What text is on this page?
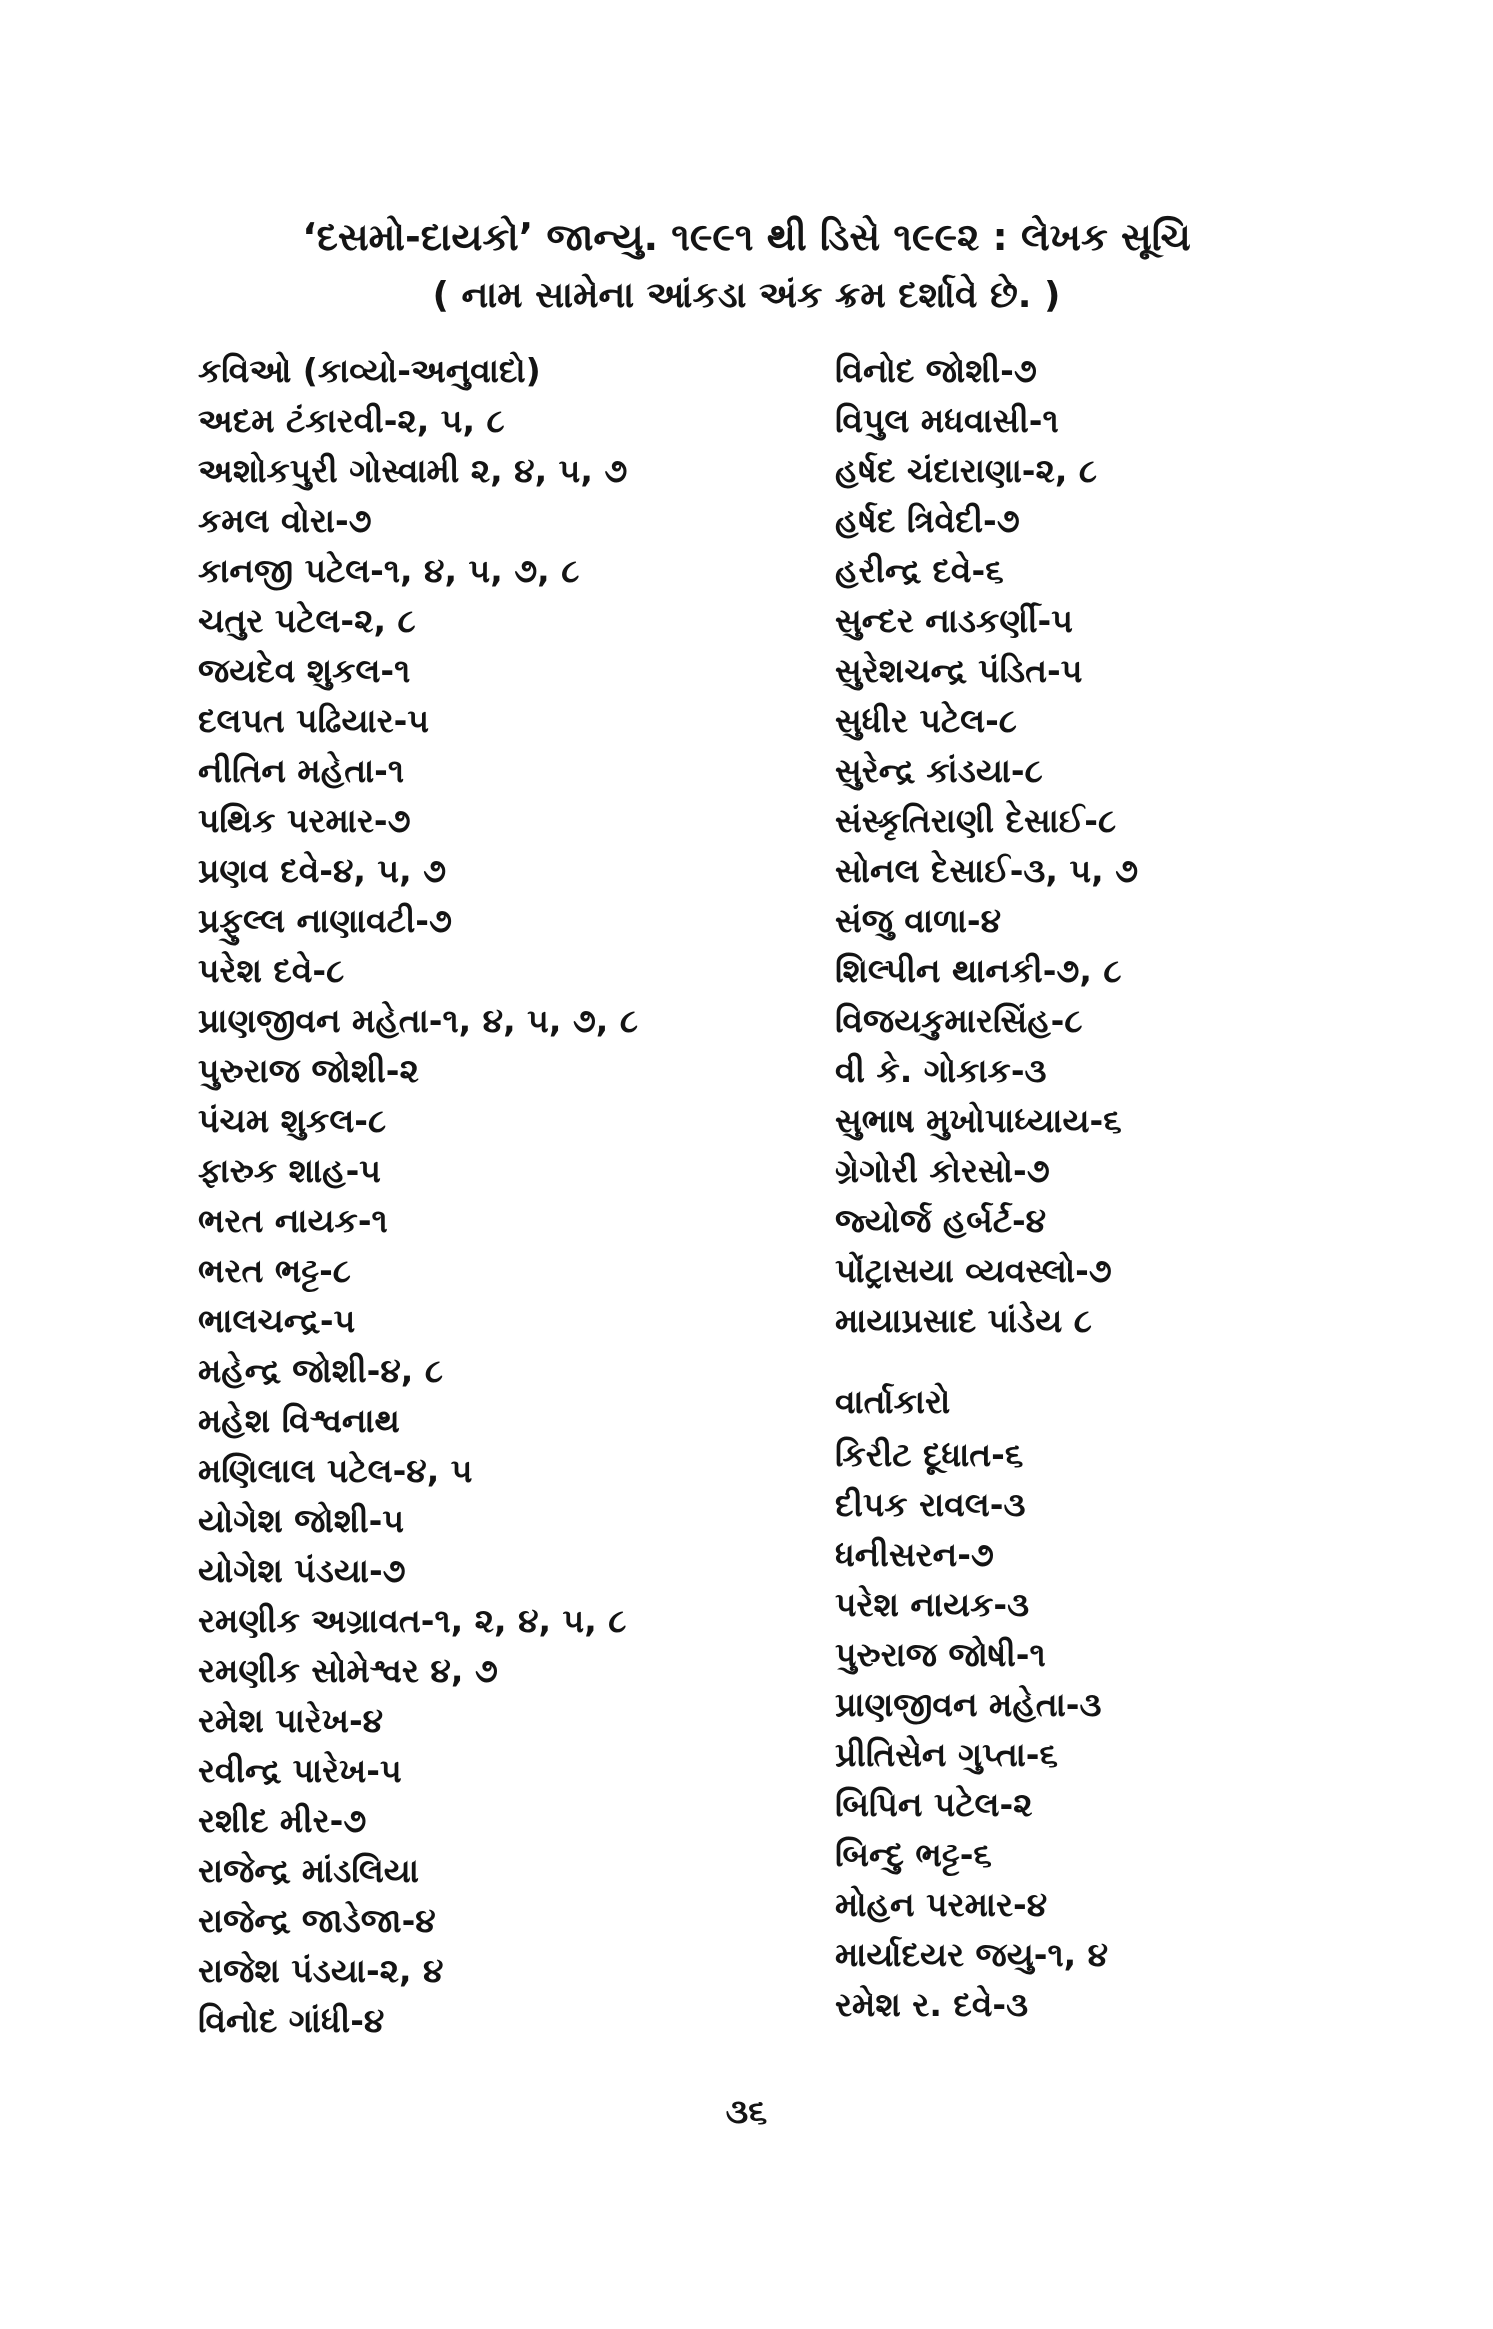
‘દસમો-દાયકો’ જાન્યુ. ૧૯૯૧ થી ડિસે ૧૯૯૨ : લેખક સૂચિ
( નામ સામેના આંકડા અંક ક્રમ દર્શાવે છે. )
કવિઓ (કાવ્યો-અનુવાદો)
અદમ ટંકારવી-૨, ૫, ૮
અશોકપુરી ગોસ્વામી ૨, ૪, ૫, ૭
કમલ વોરા-૭
કાનજી પટેલ-૧, ૪, ૫, ૭, ૮
ચતુર પટેલ-૨, ૮
જયદેવ શુકલ-૧
દલપત પઢિયાર-૫
નીતિન મહેતા-૧
પથિક પરમાર-૭
પ્રણવ દવે-૪, ૫, ૭
પ્રફુલ્લ નાણાવટી-૭
પરેશ દવે-૮
પ્રાણજીવન મહેતા-૧, ૪, ૫, ૭, ૮
પુરુરાજ જોશી-૨
પંચમ શુકલ-૮
ફારુક શાહ-૫
ભરત નાયક-૧
ભરત ભટ્ટ-૮
ભાલચન્દ્ર-૫
મહેન્દ્ર જોશી-૪, ૮
મહેશ વિશ્વનાથ
મણિલાલ પટેલ-૪, ૫
યોગેશ જોશી-૫
યોગેશ પંડયા-૭
રમણીક અગ્રાવત-૧, ૨, ૪, ૫, ૮
રમણીક સોમેશ્વર ૪, ૭
રમેશ પારેખ-૪
રવીન્દ્ર પારેખ-૫
રશીદ મીર-૭
રાજેન્દ્ર માંડલિયા
રાજેન્દ્ર જાડેજા-૪
રાજેશ પંડયા-૨, ૪
વિનોદ ગાંધી-૪
વિનોદ જોશી-૭
વિપુલ મધવાસી-૧
હર્ષદ ચંદારાણા-૨, ૮
હર્ષદ ત્રિવેદી-૭
હરીન્દ્ર દવે-૬
સુન્દર નાડકર્ણી-૫
સુરેશચન્દ્ર પંડિત-૫
સુધીર પટેલ-૮
સુરેન્દ્ર કાંડયા-૮
સંસ્કૃતિરાણી દેસાઈ-૮
સોનલ દેસાઈ-૩, ૫, ૭
સંજુ વાળા-૪
શિલ્પીન થાનકી-૭, ૮
વિજયકુમારસિંહ-૮
વી કે. ગોકાક-૩
સુભાષ મુખોપાધ્યાય-૬
ગ્રેગોરી કોરસો-૭
જ્યોર્જ હર્બર્ટ-૪
પોંટ્રાસયા વ્યવસ્લો-૭
માયાપ્રસાદ પાંડેય ૮
વાર્તાકારો
કિરીટ દૂધાત-૬
દીપક રાવલ-૩
ધનીસરન-૭
પરેશ નાયક-૩
પુરુરાજ જોષી-૧
પ્રાણજીવન મહેતા-૩
પ્રીતિસેન ગુપ્તા-૬
બિપિન પટેલ-૨
બિન્દુ ભટ્ટ-૬
મોહન પરમાર-૪
માર્યાદયર જયુ-૧, ૪
રમેશ ર. દવે-૩
૩૬
